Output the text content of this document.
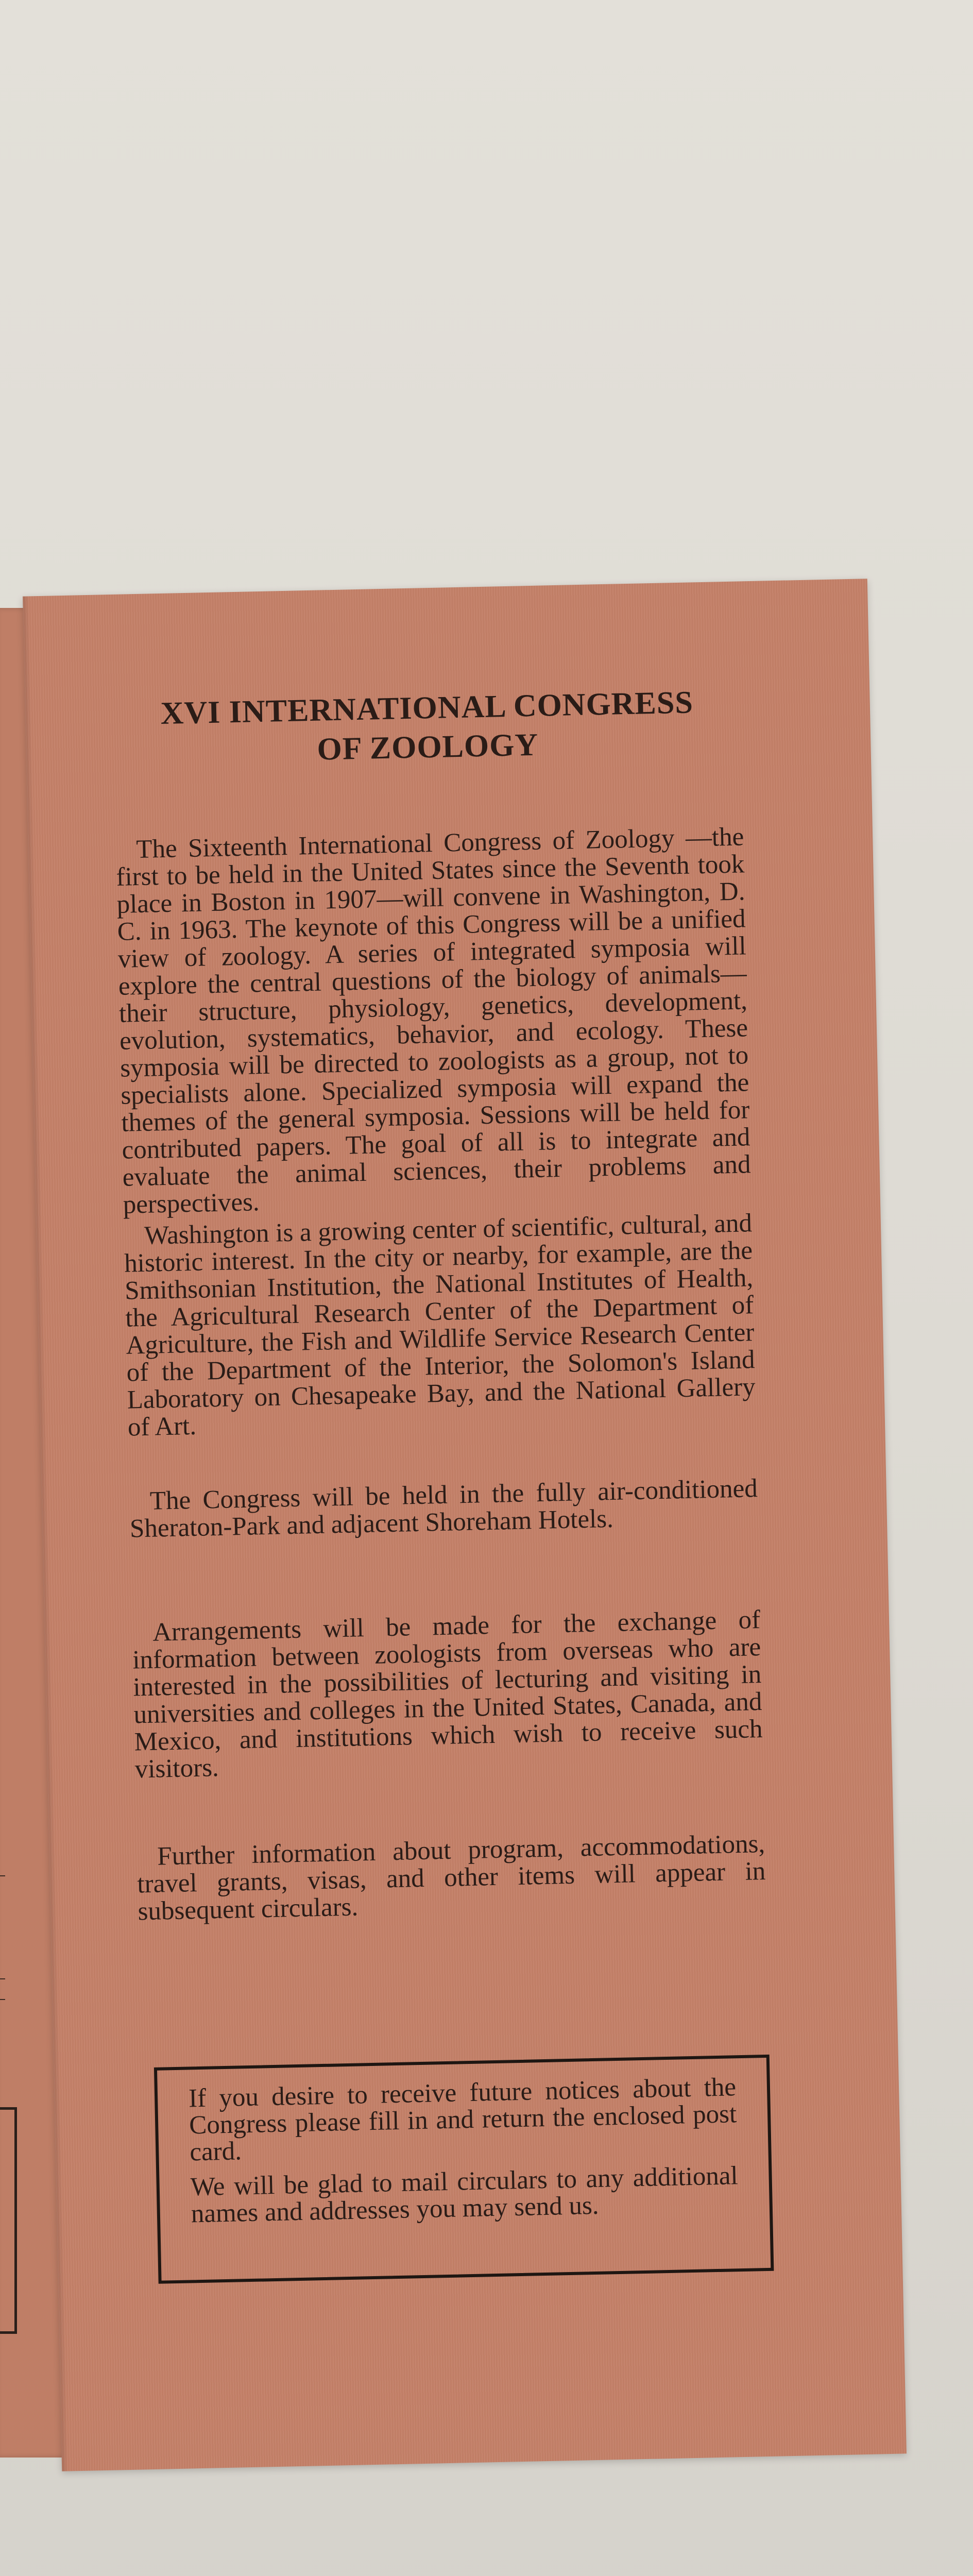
XVI INTERNATIONAL CONGRESS
OF ZOOLOGY

The Sixteenth International Congress of Zoology —the first to be held in the United States since the Seventh took place in Boston in 1907—will convene in Washington, D. C. in 1963. The keynote of this Congress will be a unified view of zoology. A series of integrated symposia will explore the central questions of the biology of animals—their structure, physiology, genetics, development, evolution, systematics, behavior, and ecology. These symposia will be directed to zoologists as a group, not to specialists alone. Specialized symposia will expand the themes of the general symposia. Sessions will be held for contributed papers. The goal of all is to integrate and evaluate the animal sciences, their problems and perspectives.

Washington is a growing center of scientific, cultural, and historic interest. In the city or nearby, for example, are the Smithsonian Institution, the National Institutes of Health, the Agricultural Research Center of the Department of Agriculture, the Fish and Wildlife Service Research Center of the Department of the Interior, the Solomon's Island Laboratory on Chesapeake Bay, and the National Gallery of Art.

The Congress will be held in the fully air-conditioned Sheraton-Park and adjacent Shoreham Hotels.

Arrangements will be made for the exchange of information between zoologists from overseas who are interested in the possibilities of lecturing and visiting in universities and colleges in the United States, Canada, and Mexico, and institutions which wish to receive such visitors.

Further information about program, accommodations, travel grants, visas, and other items will appear in subsequent circulars.

If you desire to receive future notices about the Congress please fill in and return the enclosed post card.

We will be glad to mail circulars to any additional names and addresses you may send us.
